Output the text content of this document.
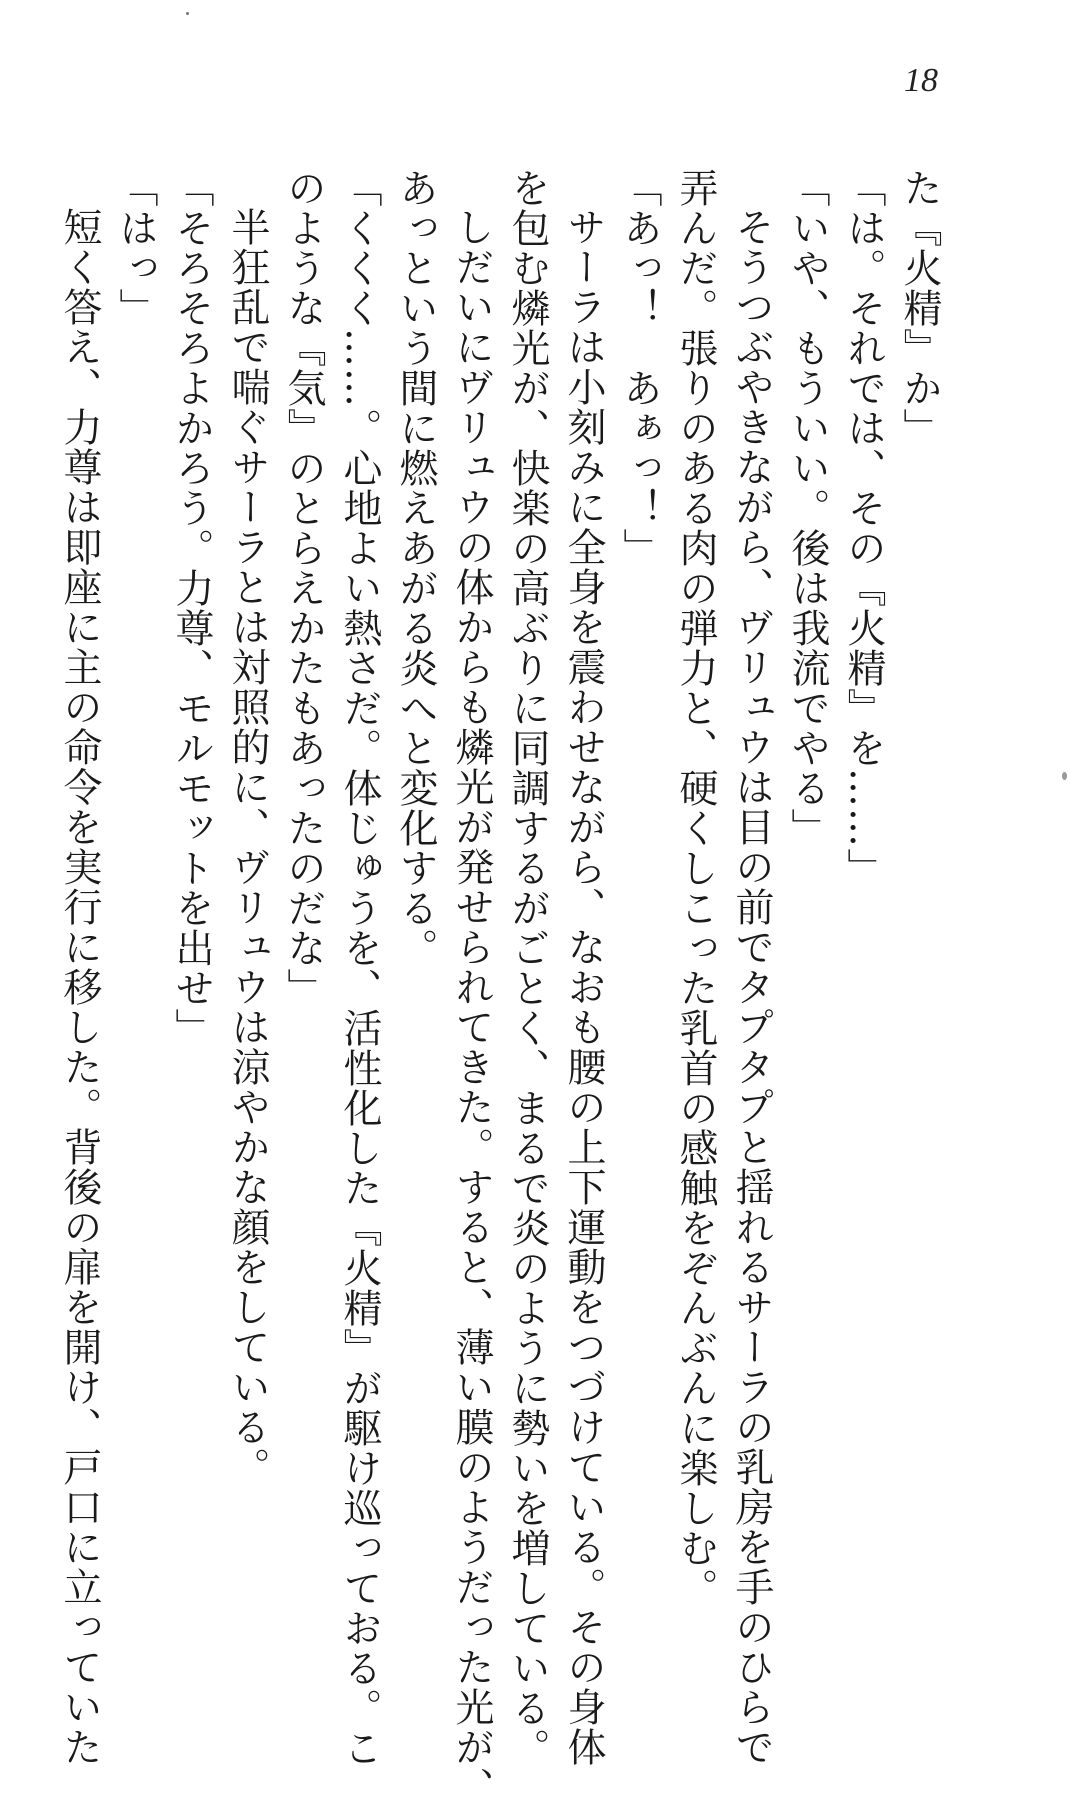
18

た『火精』か」

「は。それでは、その『火精』を……」

「いや、もういい。後は我流でやる」

そうつぶやきながら、ヴリュウは目の前でタプタプと揺れるサーラの乳房を手のひらで

弄んだ。張りのある肉の弾力と、硬くしこった乳首の感触をぞんぶんに楽しむ。

「あっ！　あぁっ！」

サーラは小刻みに全身を震わせながら、なおも腰の上下運動をつづけている。その身体

を包む燐光が、快楽の高ぶりに同調するがごとく、まるで炎のように勢いを増している。

しだいにヴリュウの体からも燐光が発せられてきた。すると、薄い膜のようだった光が、

あっという間に燃えあがる炎へと変化する。

「くくく……。心地よい熱さだ。体じゅうを、活性化した『火精』が駆け巡っておる。こ

のような『気』のとらえかたもあったのだな」

半狂乱で喘ぐサーラとは対照的に、ヴリュウは涼やかな顔をしている。

「そろそろよかろう。力尊、モルモットを出せ」

「はっ」

短く答え、力尊は即座に主の命令を実行に移した。背後の扉を開け、戸口に立っていた
